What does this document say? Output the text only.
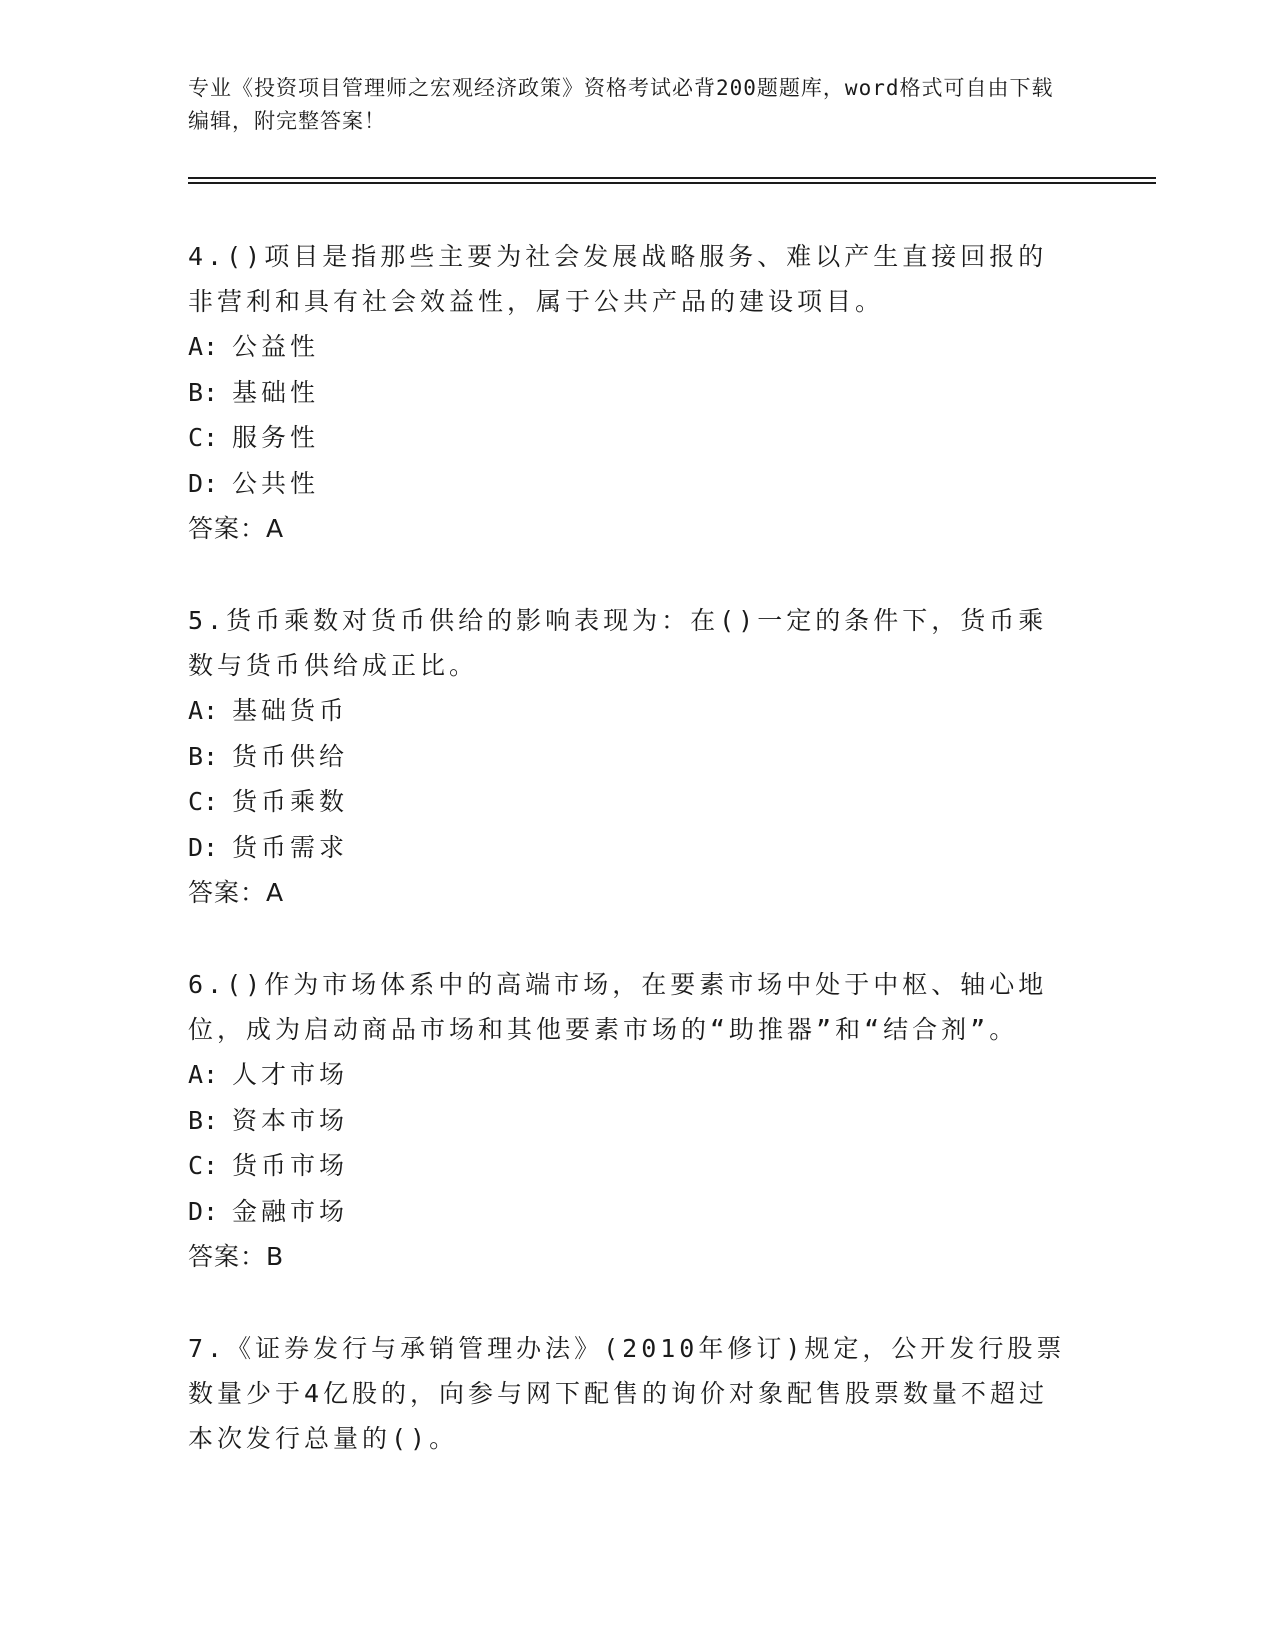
专业《投资项目管理师之宏观经济政策》资格考试必背200题题库，word格式可自由下载编辑，附完整答案！

4.()项目是指那些主要为社会发展战略服务、难以产生直接回报的非营利和具有社会效益性，属于公共产品的建设项目。

A: 公益性

B: 基础性

C: 服务性

D: 公共性

答案：A

5.货币乘数对货币供给的影响表现为：在()一定的条件下，货币乘数与货币供给成正比。

A: 基础货币

B: 货币供给

C: 货币乘数

D: 货币需求

答案：A

6.()作为市场体系中的高端市场，在要素市场中处于中枢、轴心地位，成为启动商品市场和其他要素市场的“助推器”和“结合剂”。

A: 人才市场

B: 资本市场

C: 货币市场

D: 金融市场

答案：B

7.《证券发行与承销管理办法》(2010年修订)规定，公开发行股票数量少于4亿股的，向参与网下配售的询价对象配售股票数量不超过本次发行总量的()。
